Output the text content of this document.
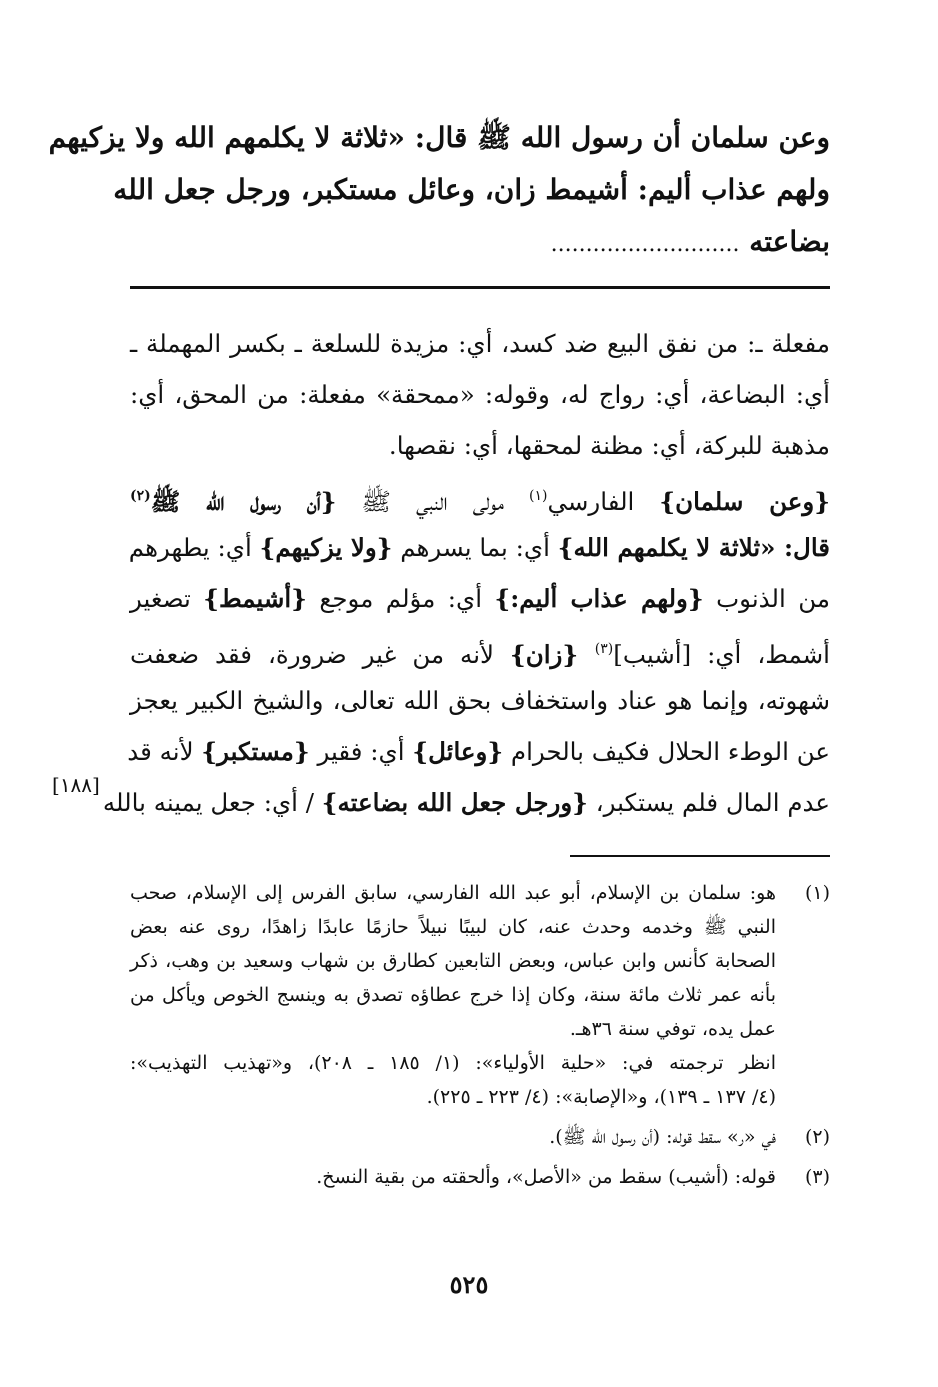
وعن سلمان أن رسول الله ﷺ قال: «ثلاثة لا يكلمهم الله ولا يزكيهم
ولهم عذاب أليم: أشيمط زان، وعائل مستكبر، ورجل جعل الله
بضاعته ...........................
مفعلة ـ: من نفق البيع ضد كسد، أي: مزيدة للسلعة ـ بكسر المهملة ـ
أي: البضاعة، أي: رواج له، وقوله: «ممحقة» مفعلة: من المحق، أي:
مذهبة للبركة، أي: مظنة لمحقها، أي: نقصها.
{وعن سلمان} الفارسي$^{(١)}$ مولى النبي ﷺ {أن رسول الله ﷺ$^{(٢)}$
قال: «ثلاثة لا يكلمهم الله} أي: بما يسرهم {ولا يزكيهم} أي: يطهرهم
من الذنوب {ولهم عذاب أليم:} أي: مؤلم موجع {أشيمط} تصغير
أشمط، أي: [أشيب]$^{(٣)}$ {زان} لأنه من غير ضرورة، فقد ضعفت
شهوته، وإنما هو عناد واستخفاف بحق الله تعالى، والشيخ الكبير يعجز
عن الوطء الحلال فكيف بالحرام {وعائل} أي: فقير {مستكبر} لأنه قد
عدم المال فلم يستكبر، {ورجل جعل الله بضاعته} / أي: جعل يمينه بالله
[١٨٨]
(١)
هو: سلمان بن الإسلام، أبو عبد الله الفارسي، سابق الفرس إلى الإسلام، صحب
النبي ﷺ وخدمه وحدث عنه، كان لبيبًا نبيلاً حازمًا عابدًا زاهدًا، روى عنه بعض
الصحابة كأنس وابن عباس، وبعض التابعين كطارق بن شهاب وسعيد بن وهب، ذكر
بأنه عمر ثلاث مائة سنة، وكان إذا خرج عطاؤه تصدق به وينسج الخوص ويأكل من
عمل يده، توفي سنة ٣٦هـ.
انظر ترجمته في: «حلية الأولياء»: (١/ ١٨٥ ـ ٢٠٨)، و«تهذيب التهذيب»:
(٤/ ١٣٧ ـ ١٣٩)، و«الإصابة»: (٤/ ٢٢٣ ـ ٢٢٥).
(٢)
في «ر» سقط قوله: (أن رسول الله ﷺ).
(٣)
قوله: (أشيب) سقط من «الأصل»، وألحقته من بقية النسخ.
٥٢٥
